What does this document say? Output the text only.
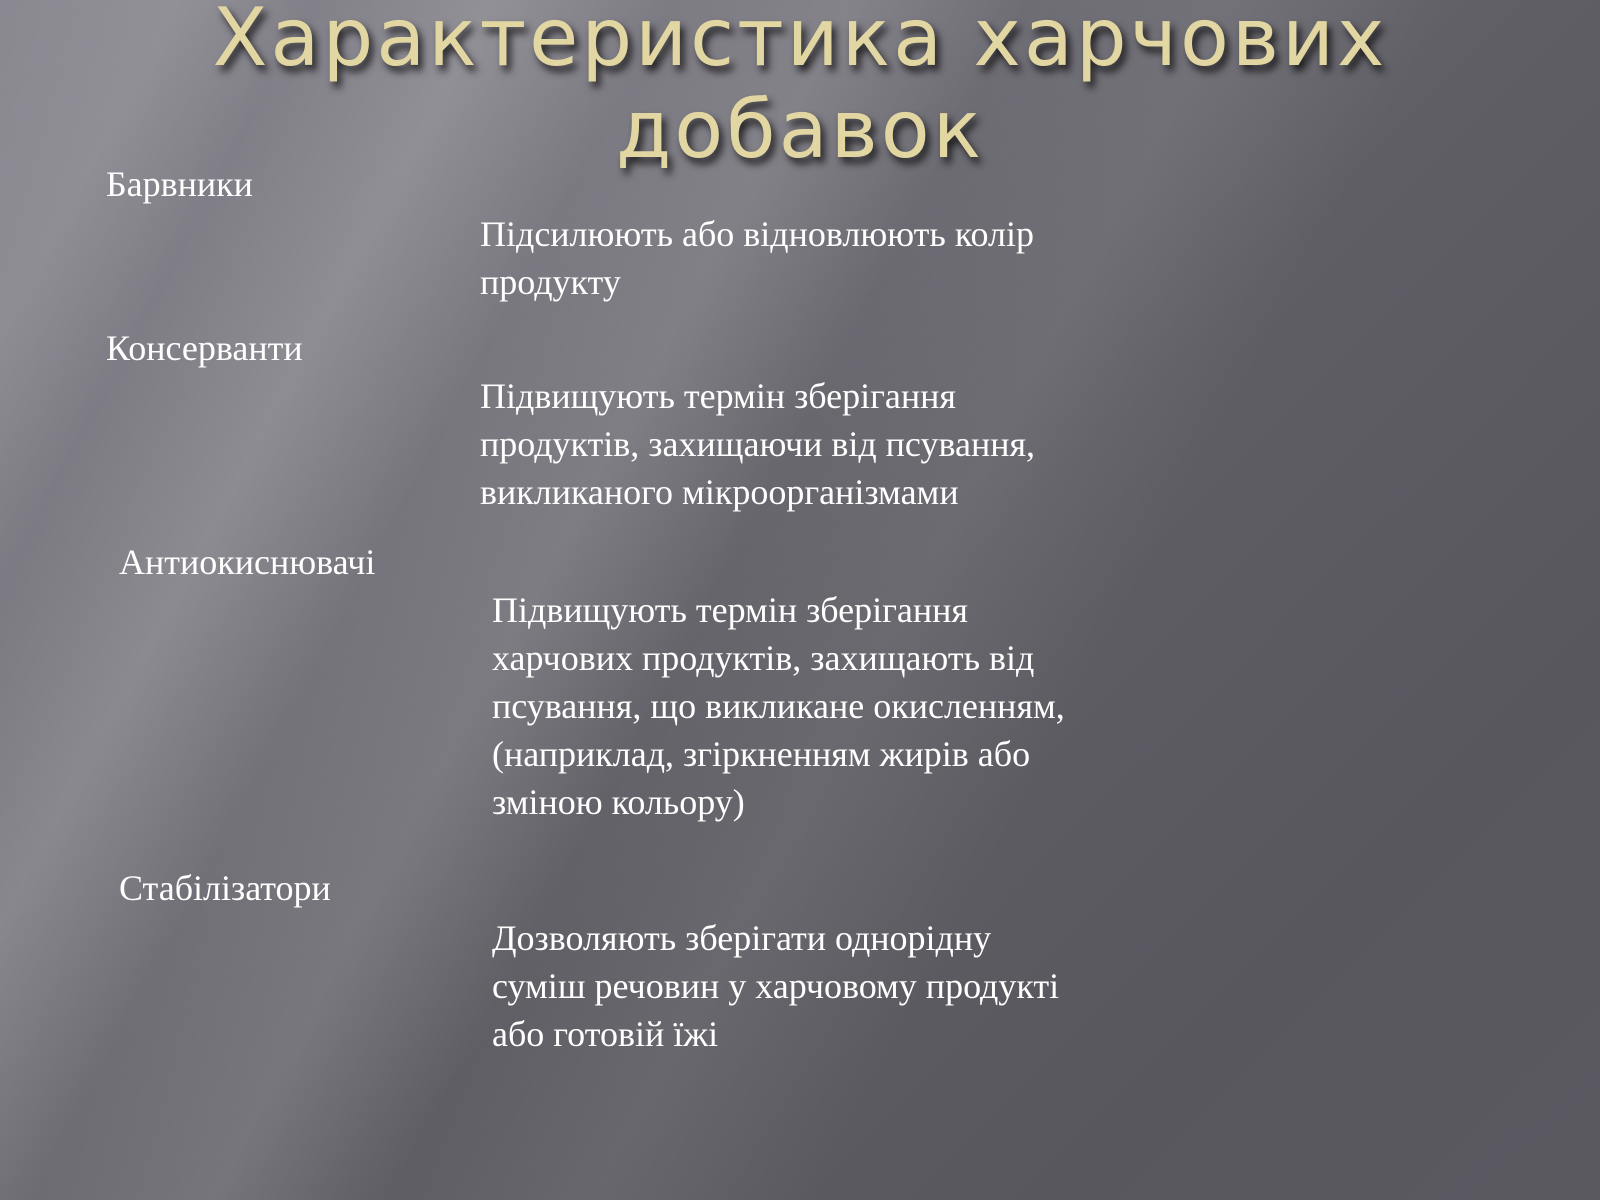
Характеристика харчових
добавок
Барвники
Підсилюють або відновлюють колір
продукту
Консерванти
Підвищують термін зберігання
продуктів, захищаючи від псування,
викликаного мікроорганізмами
Антиокиснювачі
Підвищують термін зберігання
харчових продуктів, захищають від
псування, що викликане окисленням,
(наприклад, згіркненням жирів або
зміною кольору)
Стабілізатори
Дозволяють зберігати однорідну
суміш речовин у харчовому продукті
або готовій їжі
